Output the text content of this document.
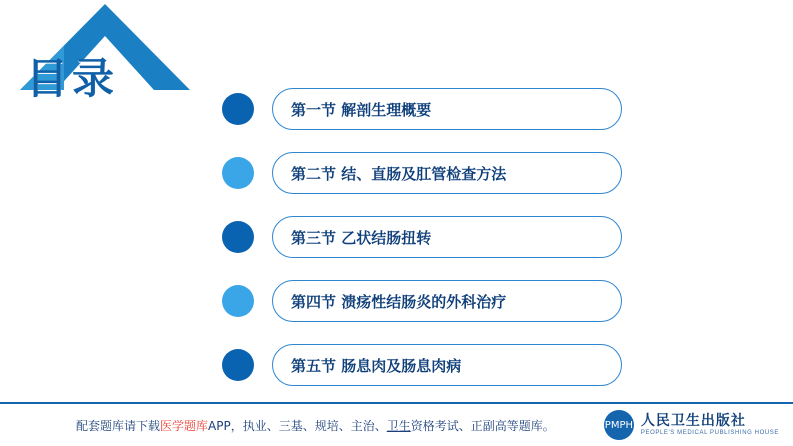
目录
第一节 解剖生理概要
第二节 结、直肠及肛管检查方法
第三节 乙状结肠扭转
第四节 溃疡性结肠炎的外科治疗
第五节 肠息肉及肠息肉病
配套题库请下载医学题库APP，执业、三基、规培、主治、卫生资格考试、正副高等题库。	PMPH 人民卫生出版社
PEOPLE'S MEDICAL PUBLISHING HOUSE
